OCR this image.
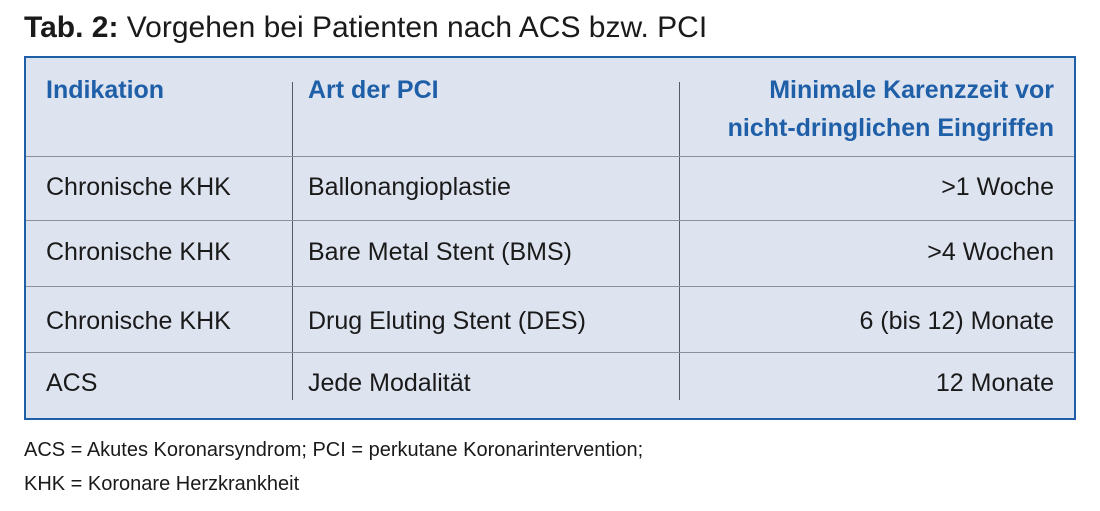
Tab. 2: Vorgehen bei Patienten nach ACS bzw. PCI
Indikation	Art der PCI	Minimale Karenzzeit vor
nicht-dringlichen Eingriffen
Chronische KHK	Ballonangioplastie	>1 Woche
Chronische KHK	Bare Metal Stent (BMS)	>4 Wochen
Chronische KHK	Drug Eluting Stent (DES)	6 (bis 12) Monate
ACS	Jede Modalität	12 Monate
ACS = Akutes Koronarsyndrom; PCI = perkutane Koronarintervention;
KHK = Koronare Herzkrankheit
